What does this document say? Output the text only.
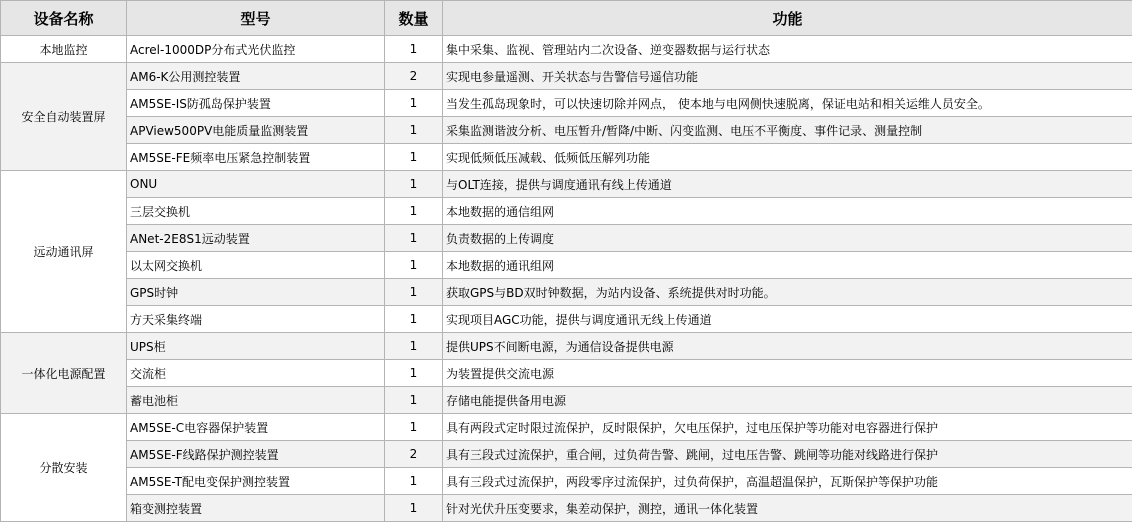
设备名称	型号	数量	功能
本地监控	Acrel-1000DP分布式光伏监控	1	集中采集、监视、管理站内二次设备、逆变器数据与运行状态
安全自动装置屏	AM6-K公用测控装置	2	实现电参量遥测、开关状态与告警信号遥信功能
	AM5SE-IS防孤岛保护装置	1	当发生孤岛现象时，可以快速切除并网点， 使本地与电网侧快速脱离，保证电站和相关运维人员安全。
	APView500PV电能质量监测装置	1	采集监测谐波分析、电压暂升/暂降/中断、闪变监测、电压不平衡度、事件记录、测量控制
	AM5SE-FE频率电压紧急控制装置	1	实现低频低压减载、低频低压解列功能
远动通讯屏	ONU	1	与OLT连接，提供与调度通讯有线上传通道
	三层交换机	1	本地数据的通信组网
	ANet-2E8S1远动装置	1	负责数据的上传调度
	以太网交换机	1	本地数据的通讯组网
	GPS时钟	1	获取GPS与BD双时钟数据，为站内设备、系统提供对时功能。
	方天采集终端	1	实现项目AGC功能，提供与调度通讯无线上传通道
一体化电源配置	UPS柜	1	提供UPS不间断电源，为通信设备提供电源
	交流柜	1	为装置提供交流电源
	蓄电池柜	1	存储电能提供备用电源
分散安装	AM5SE-C电容器保护装置	1	具有两段式定时限过流保护，反时限保护，欠电压保护，过电压保护等功能对电容器进行保护
	AM5SE-F线路保护测控装置	2	具有三段式过流保护，重合闸，过负荷告警、跳闸，过电压告警、跳闸等功能对线路进行保护
	AM5SE-T配电变保护测控装置	1	具有三段式过流保护，两段零序过流保护，过负荷保护，高温超温保护，瓦斯保护等保护功能
	箱变测控装置	1	针对光伏升压变要求，集差动保护，测控，通讯一体化装置
